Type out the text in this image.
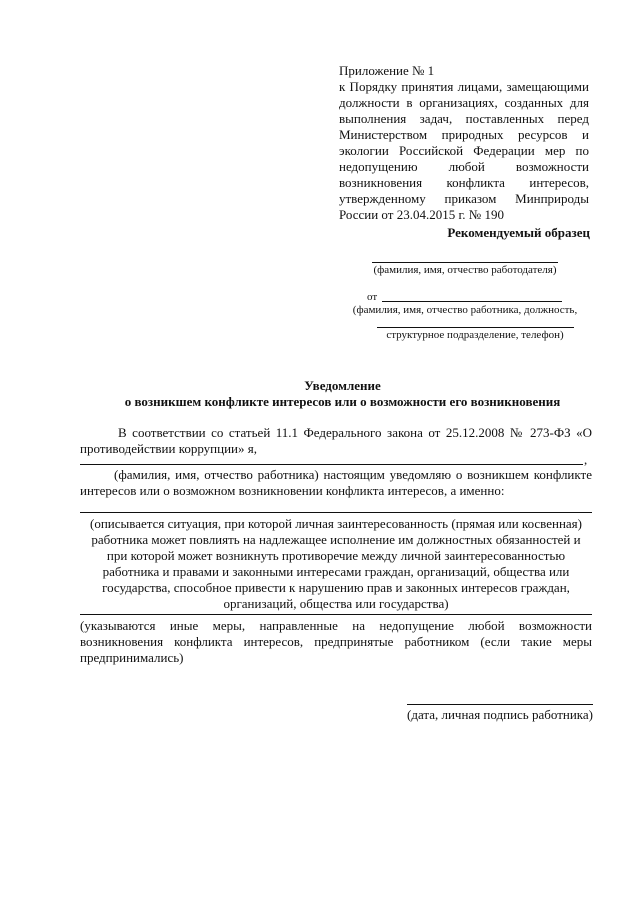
Приложение № 1

к Порядку принятия лицами, замещающими должности в организациях, созданных для выполнения задач, поставленных перед Министерством природных ресурсов и экологии Российской Федерации мер по недопущению любой возможности возникновения конфликта интересов, утвержденному приказом Минприроды России от 23.04.2015 г. № 190

Рекомендуемый образец
(фамилия, имя, отчество работодателя)
от
(фамилия, имя, отчество работника, должность,
структурное подразделение, телефон)
Уведомление
о возникшем конфликте интересов или о возможности его возникновения
В соответствии со статьей 11.1 Федерального закона от 25.12.2008 № 273-ФЗ «О противодействии коррупции» я,
,
(фамилия, имя, отчество работника) настоящим уведомляю о возникшем конфликте интересов или о возможном возникновении конфликта интересов, а именно:
(описывается ситуация, при которой личная заинтересованность (прямая или косвенная) работника может повлиять на надлежащее исполнение им должностных обязанностей и при которой может возникнуть противоречие между личной заинтересованностью работника и правами и законными интересами граждан, организаций, общества или государства, способное привести к нарушению прав и законных интересов граждан, организаций, общества или государства)
(указываются иные меры, направленные на недопущение любой возможности возникновения конфликта интересов, предпринятые работником (если такие меры предпринимались)
(дата, личная подпись работника)
